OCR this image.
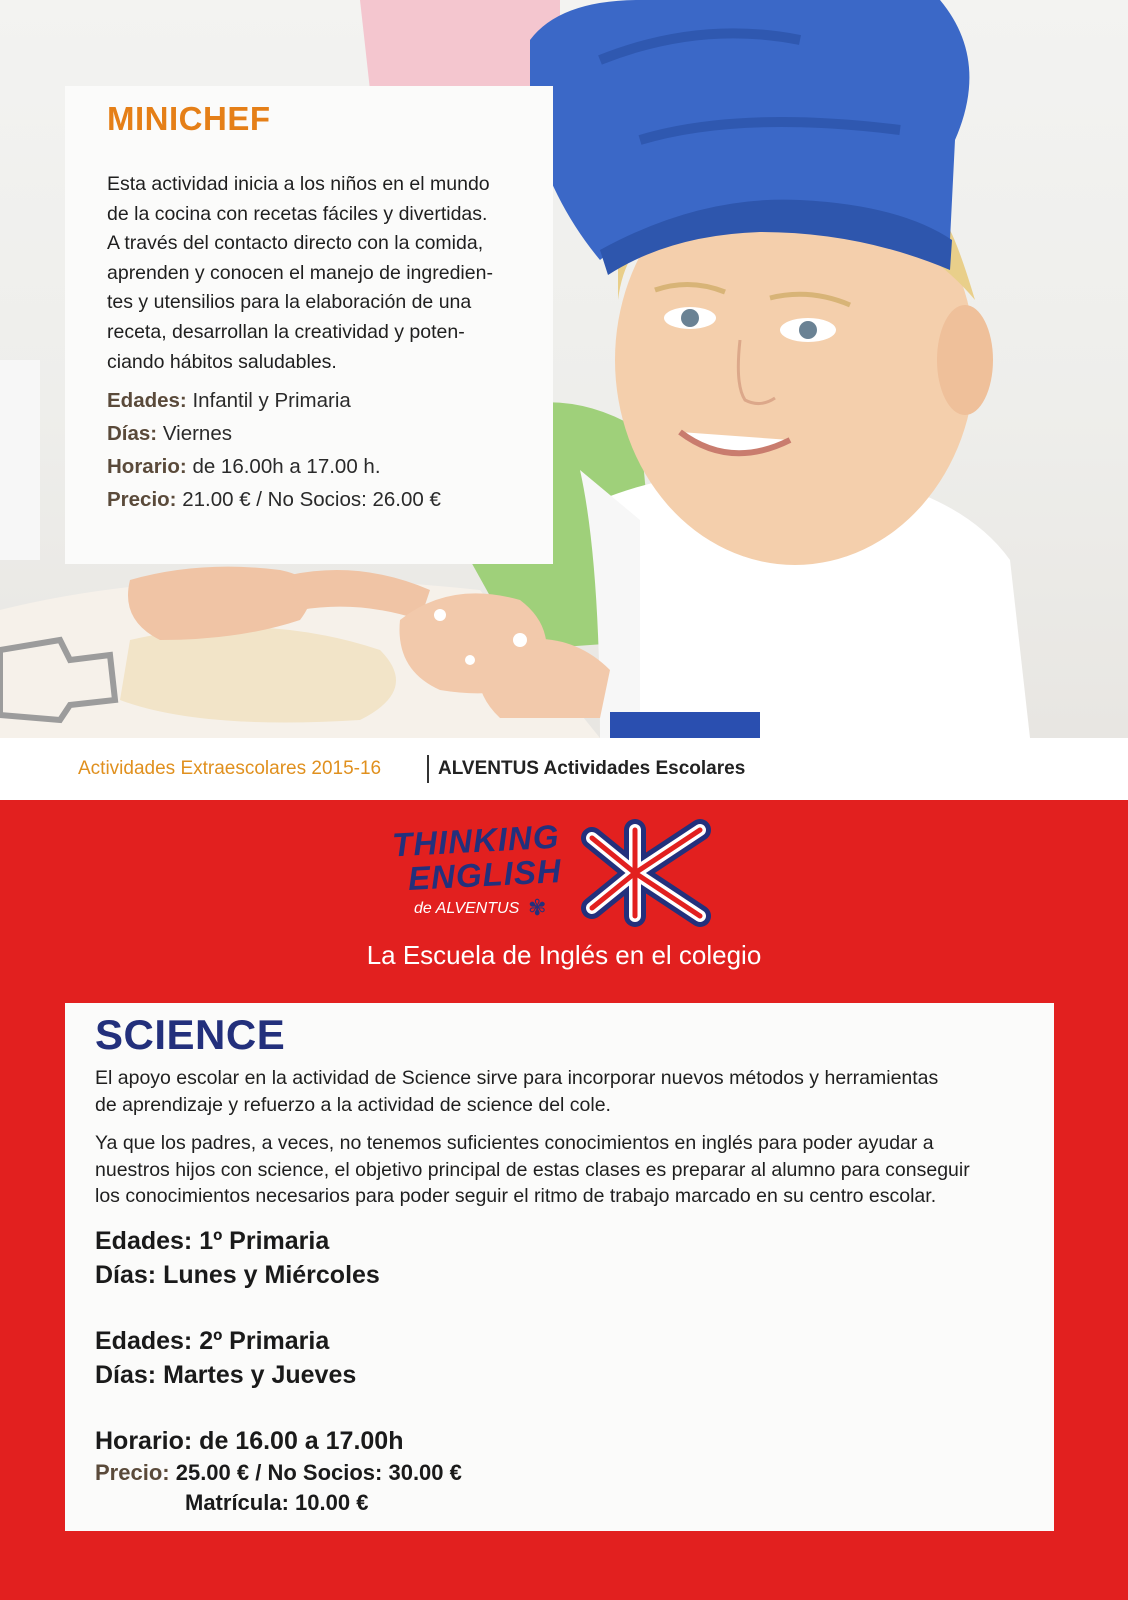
MINICHEF

Esta actividad inicia a los niños en el mundo
de la cocina con recetas fáciles y divertidas.
A través del contacto directo con la comida,
aprenden y conocen el manejo de ingredien-
tes y utensilios para la elaboración de una
receta, desarrollan la creatividad y poten-
ciando hábitos saludables.

Edades: Infantil y Primaria
Días: Viernes
Horario: de 16.00h a 17.00 h.
Precio: 21.00 € / No Socios: 26.00 €
Actividades Extraescolares 2015-16	ALVENTUS Actividades Escolares
THINKING
ENGLISH
de ALVENTUS ✾
La Escuela de Inglés en el colegio
SCIENCE
El apoyo escolar en la actividad de Science sirve para incorporar nuevos métodos y herramientas
de aprendizaje y refuerzo a la actividad de science del cole.
Ya que los padres, a veces, no tenemos suficientes conocimientos en inglés para poder ayudar a
nuestros hijos con science, el objetivo principal de estas clases es preparar al alumno para conseguir
los conocimientos necesarios para poder seguir el ritmo de trabajo marcado en su centro escolar.
Edades: 1º Primaria
Días: Lunes y Miércoles
Edades: 2º Primaria
Días: Martes y Jueves
Horario: de 16.00 a 17.00h
Precio: 25.00 € / No Socios: 30.00 €
Matrícula: 10.00 €
